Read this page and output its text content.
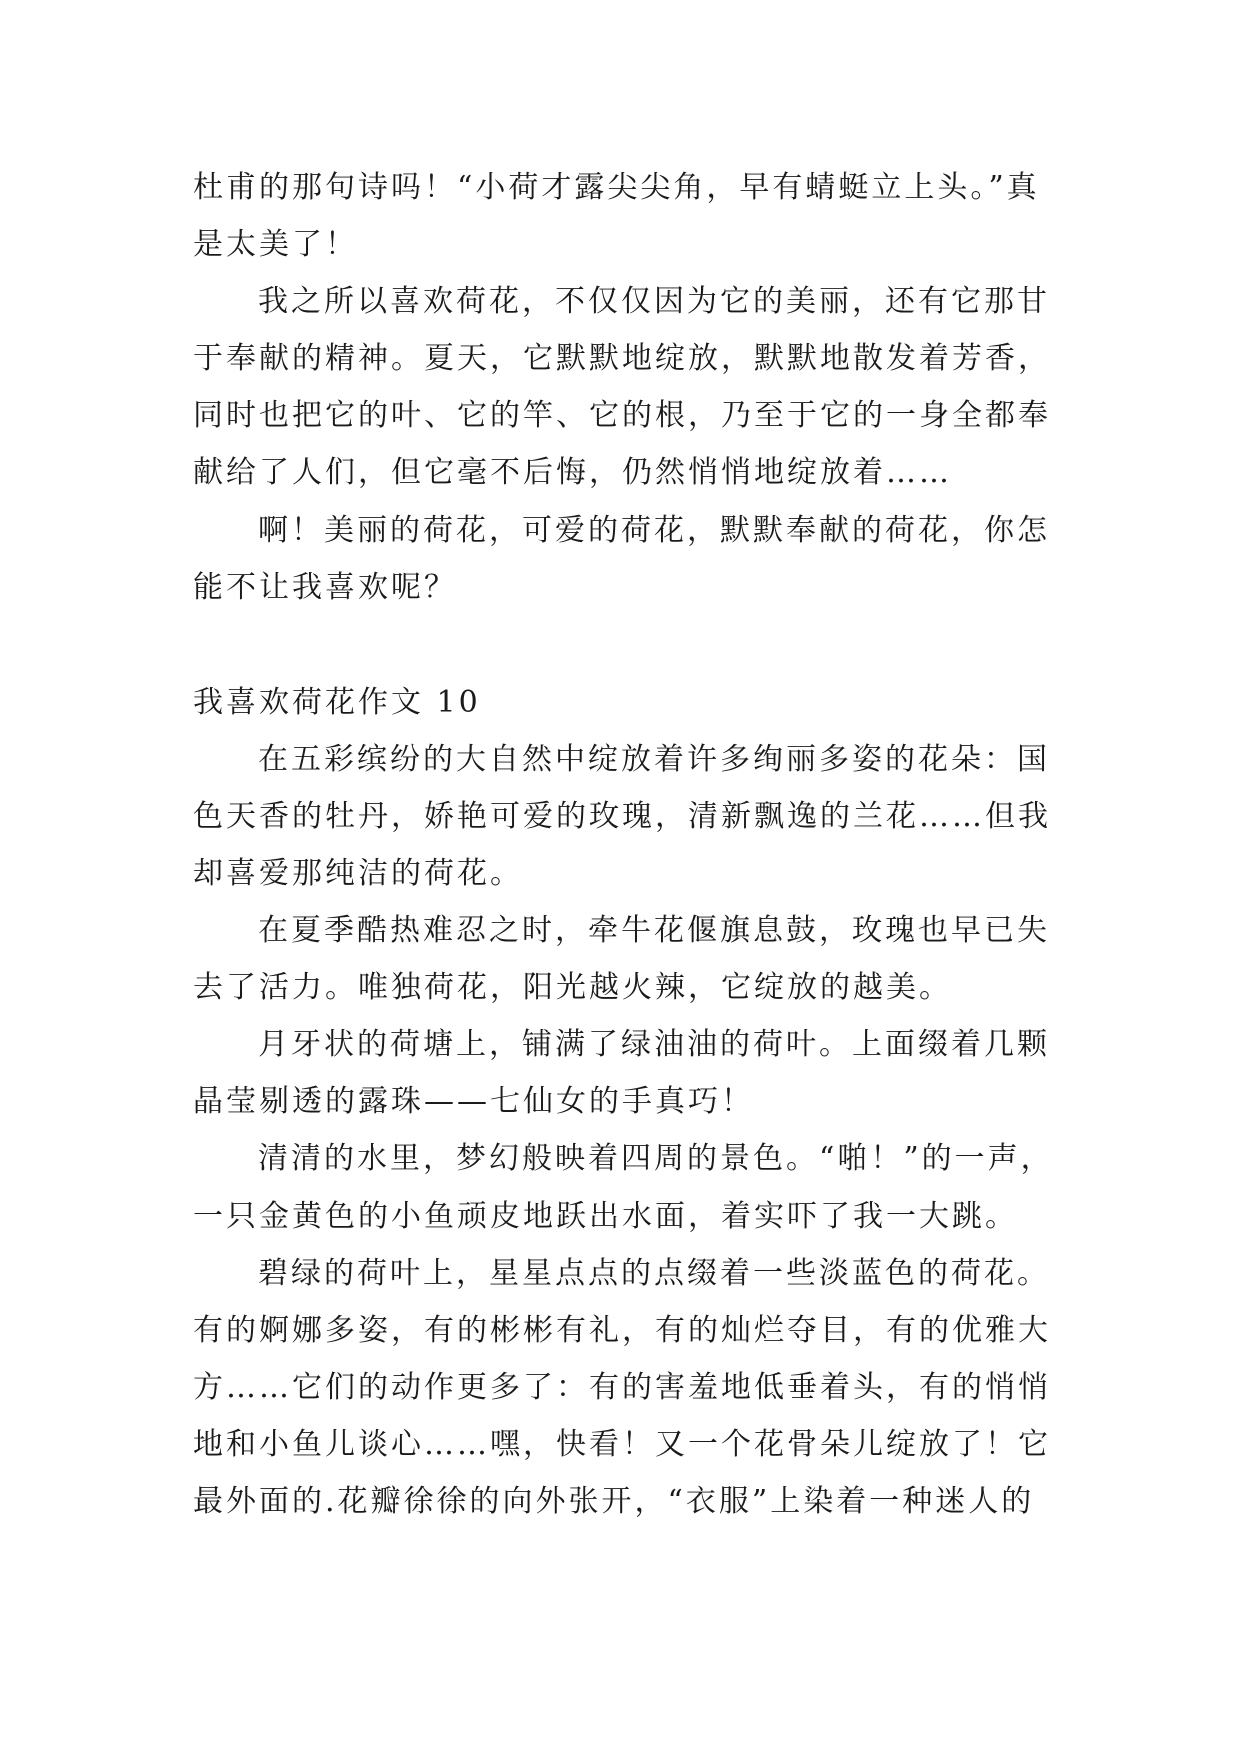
杜甫的那句诗吗！“小荷才露尖尖角，早有蜻蜓立上头。”真
是太美了！
我之所以喜欢荷花，不仅仅因为它的美丽，还有它那甘
于奉献的精神。夏天，它默默地绽放，默默地散发着芳香，
同时也把它的叶、它的竿、它的根，乃至于它的一身全都奉
献给了人们，但它毫不后悔，仍然悄悄地绽放着……
啊！美丽的荷花，可爱的荷花，默默奉献的荷花，你怎
能不让我喜欢呢？
我喜欢荷花作文 10
在五彩缤纷的大自然中绽放着许多绚丽多姿的花朵：国
色天香的牡丹，娇艳可爱的玫瑰，清新飘逸的兰花……但我
却喜爱那纯洁的荷花。
在夏季酷热难忍之时，牵牛花偃旗息鼓，玫瑰也早已失
去了活力。唯独荷花，阳光越火辣，它绽放的越美。
月牙状的荷塘上，铺满了绿油油的荷叶。上面缀着几颗
晶莹剔透的露珠——七仙女的手真巧！
清清的水里，梦幻般映着四周的景色。“啪！”的一声，
一只金黄色的小鱼顽皮地跃出水面，着实吓了我一大跳。
碧绿的荷叶上，星星点点的点缀着一些淡蓝色的荷花。
有的婀娜多姿，有的彬彬有礼，有的灿烂夺目，有的优雅大
方……它们的动作更多了：有的害羞地低垂着头，有的悄悄
地和小鱼儿谈心……嘿，快看！又一个花骨朵儿绽放了！它
最外面的.花瓣徐徐的向外张开，“衣服”上染着一种迷人的
